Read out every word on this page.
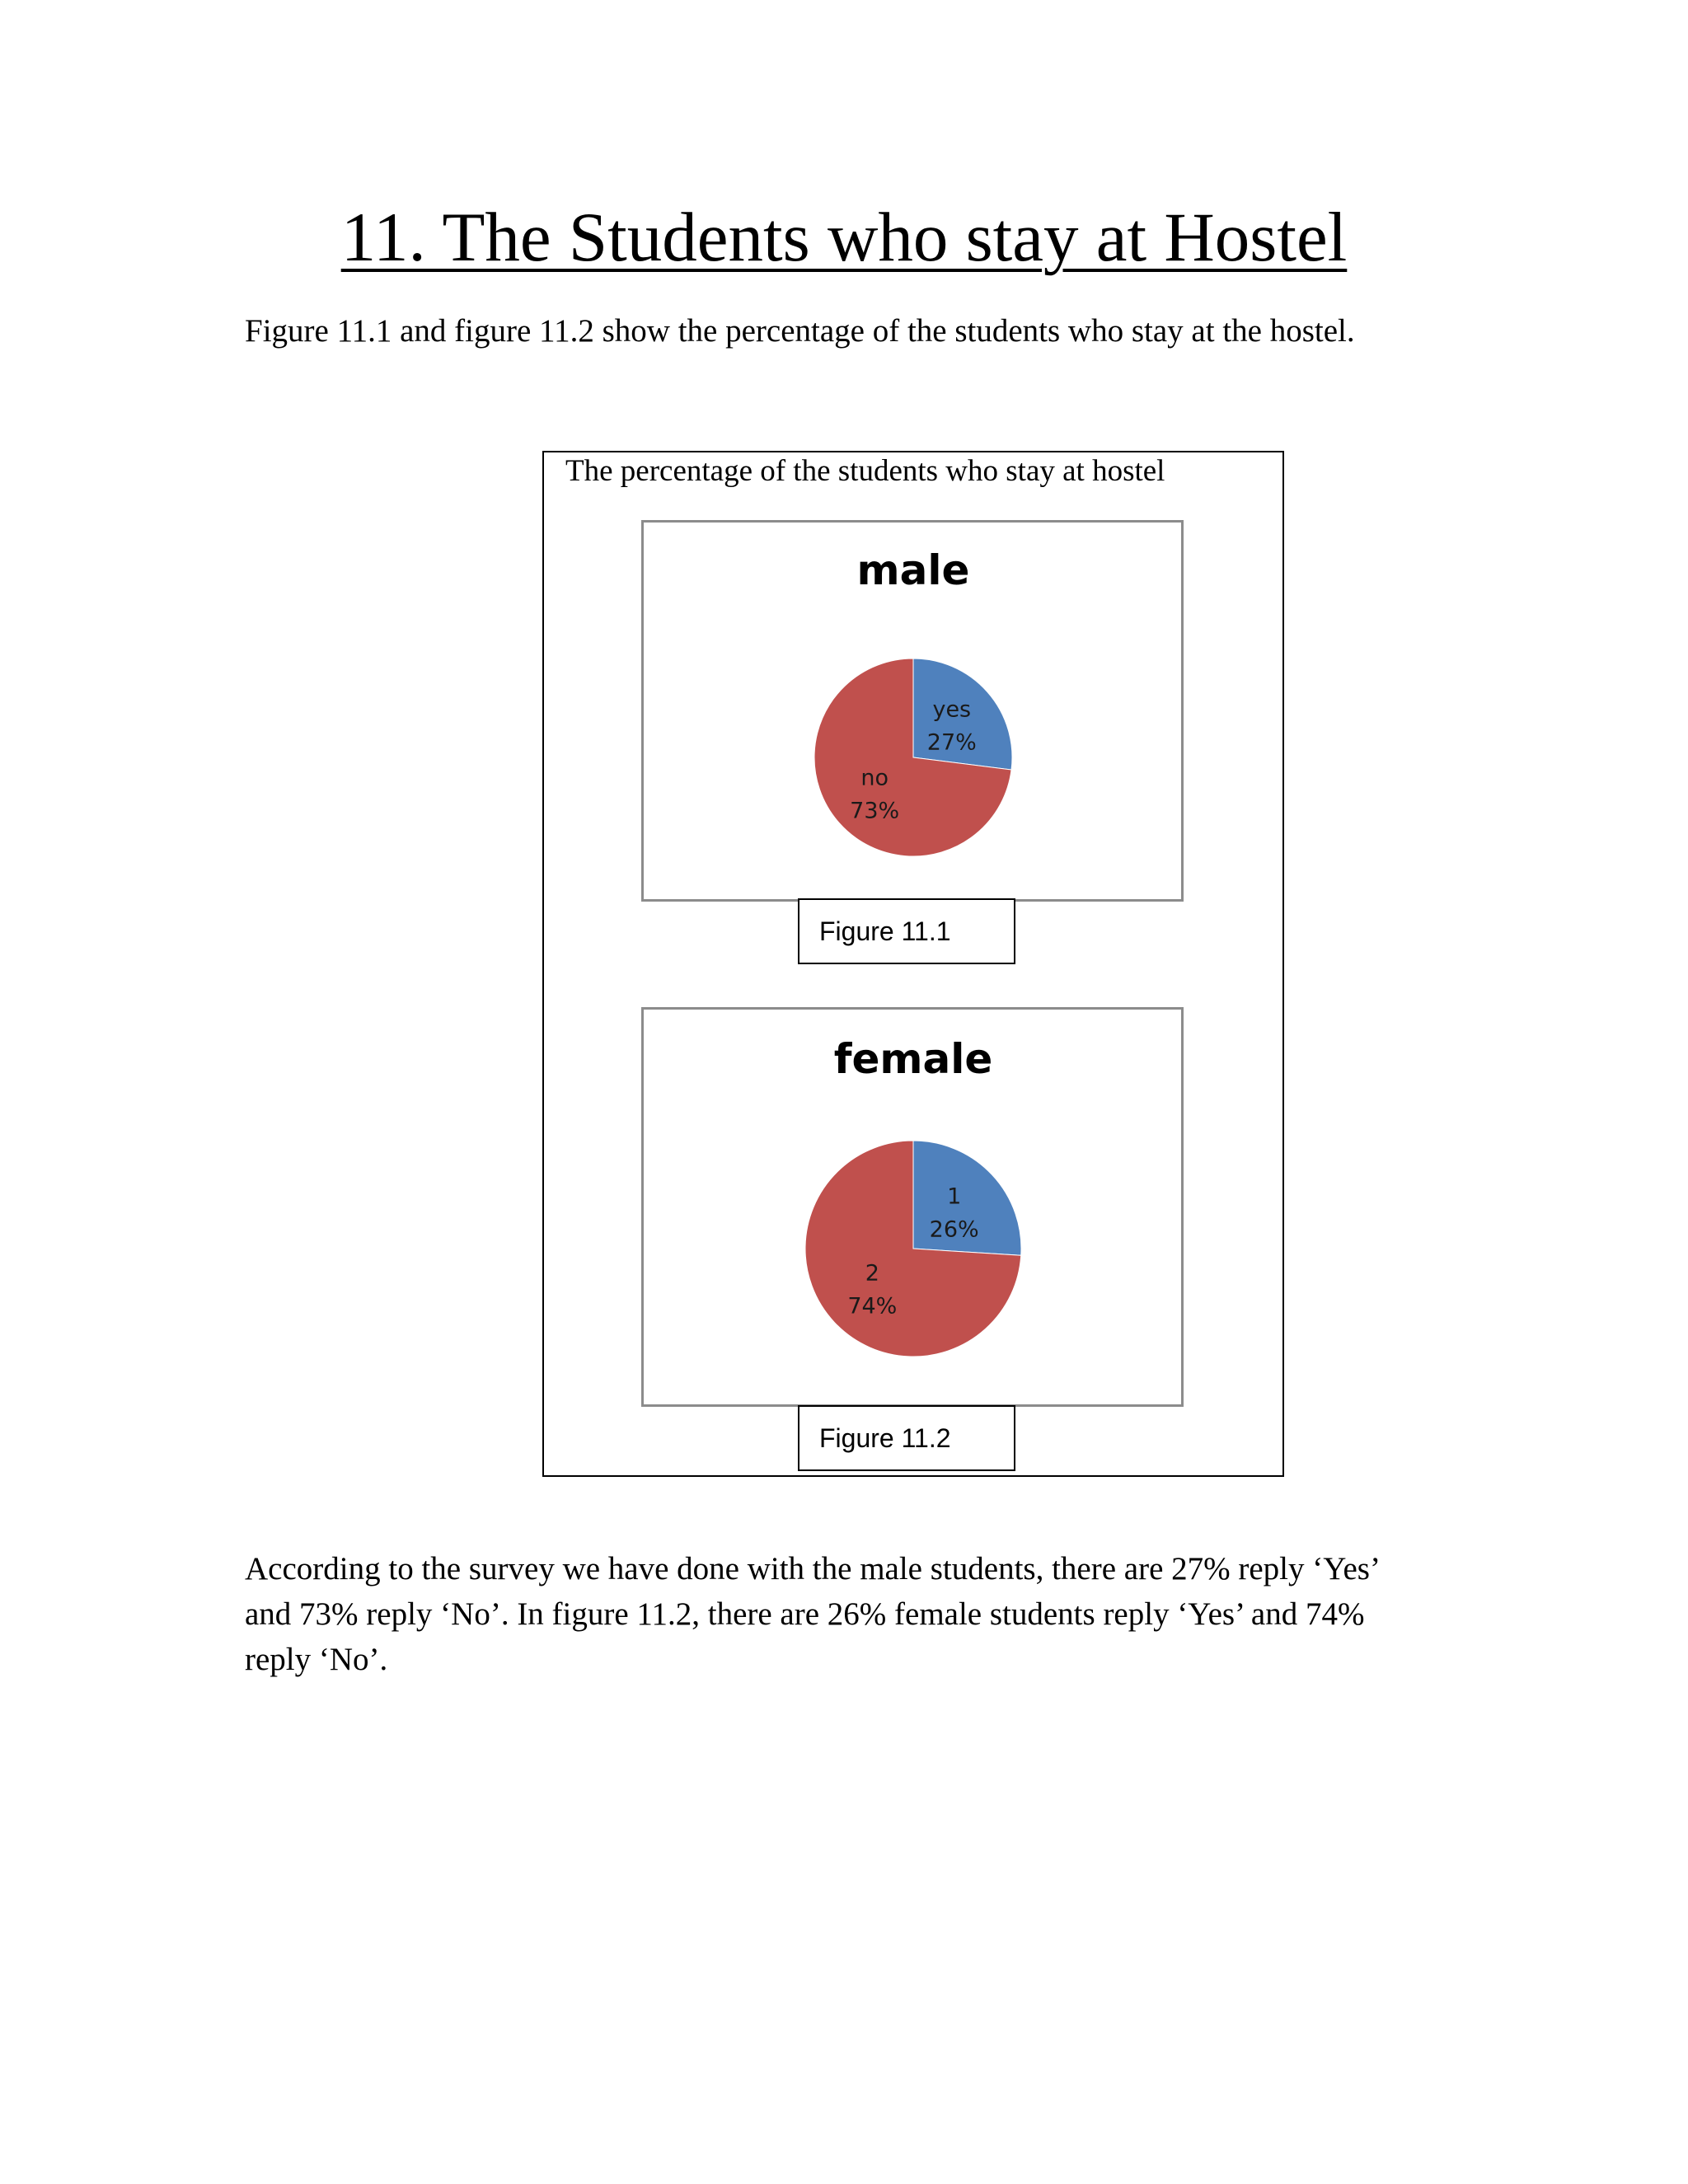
11. The Students who stay at Hostel

Figure 11.1 and figure 11.2 show the percentage of the students who stay at the hostel.

The percentage of the students who stay at hostel
male
yes
27%
no
73%
Figure 11.1
female
1
26%
2
74%
Figure 11.2

According to the survey we have done with the male students, there are 27% reply ‘Yes’ and 73% reply ‘No’. In figure 11.2, there are 26% female students reply ‘Yes’ and 74% reply ‘No’.
